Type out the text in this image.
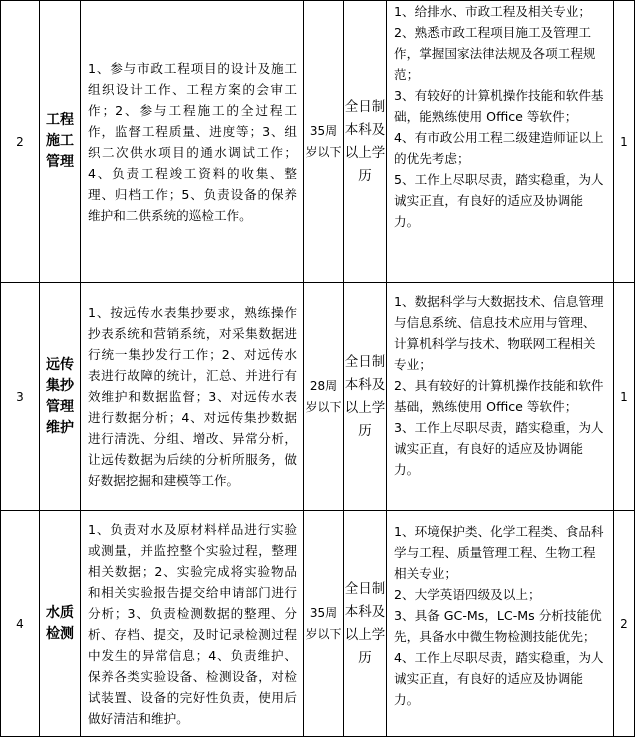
2	工程施工管理	1、参与市政工程项目的设计及施工组织设计工作、工程方案的会审工作；2、参与工程施工的全过程工作，监督工程质量、进度等；3、组织二次供水项目的通水调试工作；4、负责工程竣工资料的收集、整理、归档工作；5、负责设备的保养维护和二供系统的巡检工作。	35周岁以下	全日制本科及以上学历	1、给排水、市政工程及相关专业；

2、熟悉市政工程项目施工及管理工作，掌握国家法律法规及各项工程规范；

3、有较好的计算机操作技能和软件基础，能熟练使用 Office 等软件；

4、有市政公用工程二级建造师证以上的优先考虑；

5、工作上尽职尽责，踏实稳重，为人诚实正直，有良好的适应及协调能力。	1
3	远传集抄管理维护	1、按远传水表集抄要求，熟练操作抄表系统和营销系统，对采集数据进行统一集抄发行工作；2、对远传水表进行故障的统计，汇总、并进行有效维护和数据监督；3、对远传水表进行数据分析；4、对远传集抄数据进行清洗、分组、增改、异常分析，让远传数据为后续的分析所服务，做好数据挖掘和建模等工作。	28周岁以下	全日制本科及以上学历	1、数据科学与大数据技术、信息管理与信息系统、信息技术应用与管理、计算机科学与技术、物联网工程相关专业；

2、具有较好的计算机操作技能和软件基础，熟练使用 Office 等软件；

3、工作上尽职尽责，踏实稳重，为人诚实正直，有良好的适应及协调能力。	1
4	水质检测	1、负责对水及原材料样品进行实验或测量，并监控整个实验过程，整理相关数据；2、实验完成将实验物品和相关实验报告提交给申请部门进行分析；3、负责检测数据的整理、分析、存档、提交，及时记录检测过程中发生的异常信息；4、负责维护、保养各类实验设备、检测设备，对检试装置、设备的完好性负责，使用后做好清洁和维护。	35周岁以下	全日制本科及以上学历	1、环境保护类、化学工程类、食品科学与工程、质量管理工程、生物工程相关专业；

2、大学英语四级及以上；

3、具备 GC-Ms，LC-Ms 分析技能优先，具备水中微生物检测技能优先；

4、工作上尽职尽责，踏实稳重，为人诚实正直，有良好的适应及协调能力。	2
